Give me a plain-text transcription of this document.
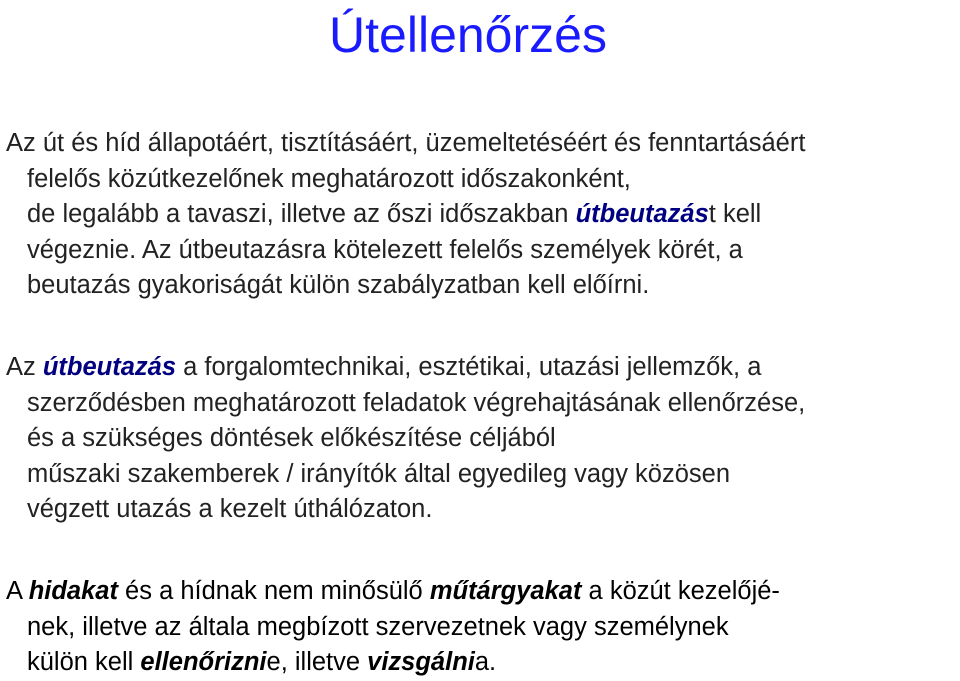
Útellenőrzés

Az út és híd állapotáért, tisztításáért, üzemeltetéséért és fenntartásáért
felelős közútkezelőnek meghatározott időszakonként,
de legalább a tavaszi, illetve az őszi időszakban útbeutazást kell
végeznie. Az útbeutazásra kötelezett felelős személyek körét, a
beutazás gyakoriságát külön szabályzatban kell előírni.

Az útbeutazás a forgalomtechnikai, esztétikai, utazási jellemzők, a
szerződésben meghatározott feladatok végrehajtásának ellenőrzése,
és a szükséges döntések előkészítése céljából
műszaki szakemberek / irányítók által egyedileg vagy közösen
végzett utazás a kezelt úthálózaton.

A hidakat és a hídnak nem minősülő műtárgyakat a közút kezelőjé-
nek, illetve az általa megbízott szervezetnek vagy személynek
külön kell ellenőriznie, illetve vizsgálnia.
